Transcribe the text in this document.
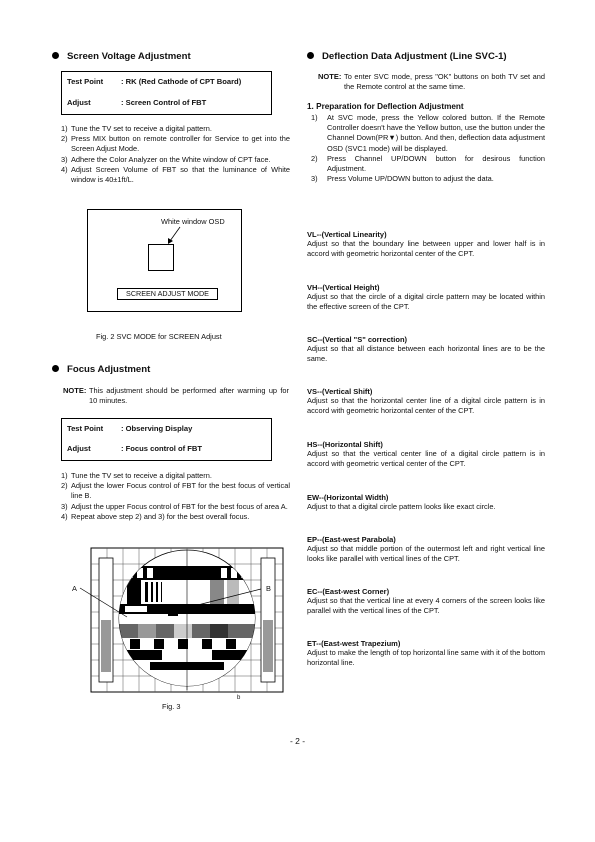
Screen Voltage Adjustment
Test Point : RK (Red Cathode of CPT Board)
Adjust	: Screen Control of FBT
1) Tune the TV set to receive a digital pattern.
2) Press MIX button on remote controller for Service to get into the Screen Adjust Mode.
3) Adhere the Color Analyzer on the White window of CPT face.
4) Adjust Screen Volume of FBT so that the luminance of White window is 40±1ft/L.
White window OSD
SCREEN ADJUST MODE
Fig. 2 SVC MODE for SCREEN Adjust
Focus Adjustment
NOTE: This adjustment should be performed after warming up for 10 minutes.
Test Point : Observing Display
Adjust	: Focus control of FBT
1) Tune the TV set to receive a digital pattern.
2) Adjust the lower Focus control of FBT for the best focus of vertical line B.
3) Adjust the upper Focus control of FBT for the best focus of area A.
4) Repeat above step 2) and 3) for the best overall focus.
A	B
b
Fig. 3
Deflection Data Adjustment (Line SVC-1)
NOTE: To enter SVC mode, press "OK" buttons on both TV set and the Remote control at the same time.
1. Preparation for Deflection Adjustment
1) At SVC mode, press the Yellow colored button. If the Remote Controller doesn't have the Yellow button, use the button under the Channel Down(PR▼) button. And then, deflection data adjustment OSD (SVC1 mode) will be displayed.
2) Press Channel UP/DOWN button for desirous function Adjustment.
3) Press Volume UP/DOWN button to adjust the data.
VL--(Vertical Linearity)
Adjust so that the boundary line between upper and lower half is in accord with geometric horizontal center of the CPT.
VH--(Vertical Height)
Adjust so that the circle of a digital circle pattern may be located within the effective screen of the CPT.
SC--(Vertical "S" correction)
Adjust so that all distance between each horizontal lines are to be the same.
VS--(Vertical Shift)
Adjust so that the horizontal center line of a digital circle pattern is in accord with geometric horizontal center of the CPT.
HS--(Horizontal Shift)
Adjust so that the vertical center line of a digital circle pattern is in accord with geometric vertical center of the CPT.
EW--(Horizontal Width)
Adjust to that a digital circle pattern looks like exact circle.
EP--(East-west Parabola)
Adjust so that middle portion of the outermost left and right vertical line looks like parallel with vertical lines of the CPT.
EC--(East-west Corner)
Adjust so that the vertical line at every 4 corners of the screen looks like parallel with the vertical lines of the CPT.
ET--(East-west Trapezium)
Adjust to make the length of top horizontal line same with it of the bottom horizontal line.
- 2 -
